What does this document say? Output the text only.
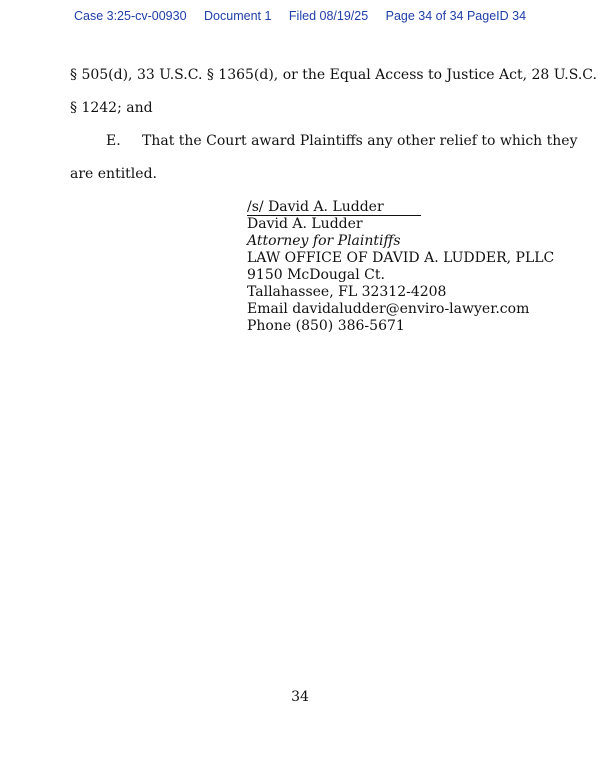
Case 3:25-cv-00930 Document 1 Filed 08/19/25 Page 34 of 34 PageID 34
§ 505(d), 33 U.S.C. § 1365(d), or the Equal Access to Justice Act, 28 U.S.C.
§ 1242; and
E. That the Court award Plaintiffs any other relief to which they
are entitled.
/s/ David A. Ludder
David A. Ludder
Attorney for Plaintiffs
LAW OFFICE OF DAVID A. LUDDER, PLLC
9150 McDougal Ct.
Tallahassee, FL 32312-4208
Email davidaludder@enviro-lawyer.com
Phone (850) 386-5671
34
